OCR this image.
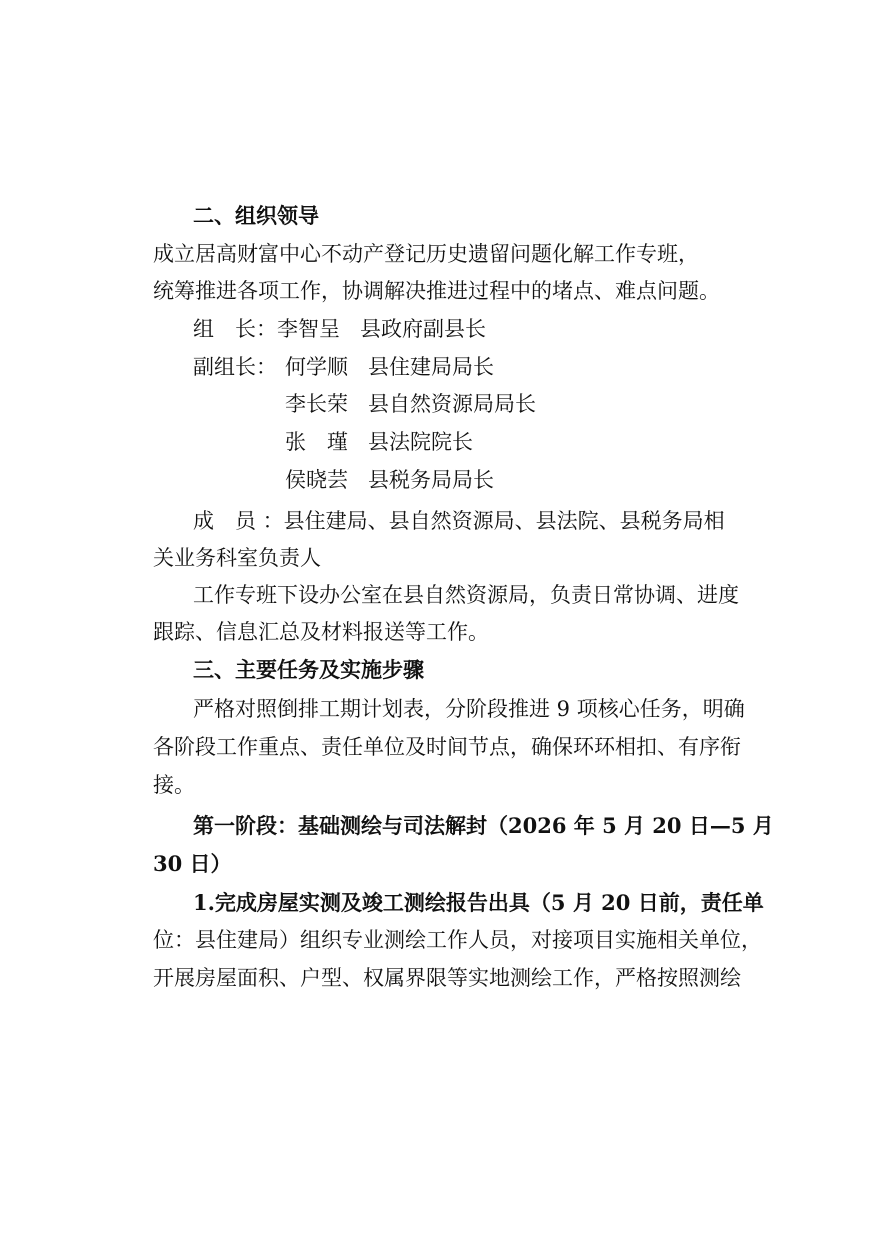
二、组织领导
成立居高财富中心不动产登记历史遗留问题化解工作专班，
统筹推进各项工作，协调解决推进过程中的堵点、难点问题。
组　长：李智呈 县政府副县长
副组长： 何学顺 县住建局局长
李长荣 县自然资源局局长
张　瑾 县法院院长
侯晓芸 县税务局局长
成　员 ：县住建局、县自然资源局、县法院、县税务局相
关业务科室负责人
工作专班下设办公室在县自然资源局，负责日常协调、进度
跟踪、信息汇总及材料报送等工作。
三、主要任务及实施步骤
严格对照倒排工期计划表，分阶段推进 9 项核心任务，明确
各阶段工作重点、责任单位及时间节点，确保环环相扣、有序衔
接。
第一阶段：基础测绘与司法解封（2026 年 5 月 20 日—5 月
30 日）
1.完成房屋实测及竣工测绘报告出具（5 月 20 日前，责任单
位：县住建局）组织专业测绘工作人员，对接项目实施相关单位，
开展房屋面积、户型、权属界限等实地测绘工作，严格按照测绘
